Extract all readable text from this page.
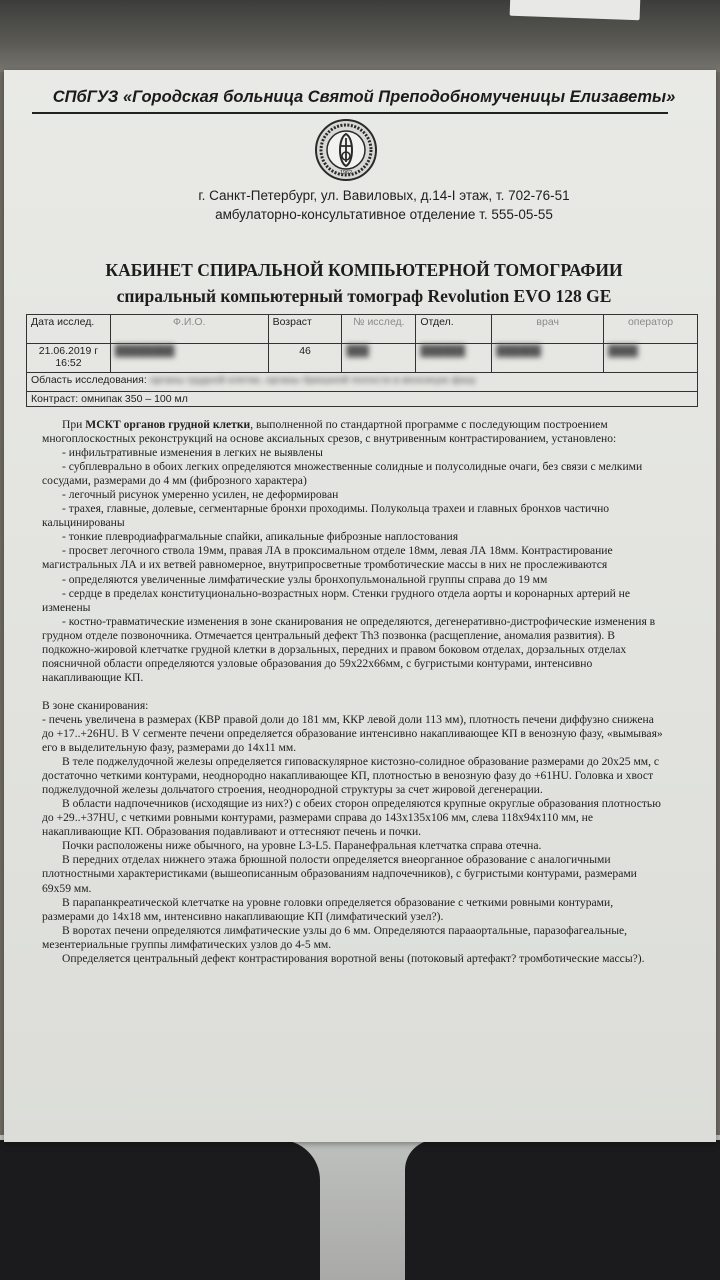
СПбГУЗ «Городская больница Святой Преподобномученицы Елизаветы»
1962
г. Санкт-Петербург, ул. Вавиловых, д.14-I этаж, т. 702-76-51
амбулаторно-консультативное отделение т. 555-05-55
КАБИНЕТ СПИРАЛЬНОЙ КОМПЬЮТЕРНОЙ ТОМОГРАФИИ
спиральный компьютерный томограф Revolution EVO 128 GE
Дата исслед.	Ф.И.О.	Возраст	№ исслед.	Отдел.	врач	оператор

21.06.2019 г
16:52	████████	46	███	██████	██████	████

Область исследования: органы грудной клетки, органы брюшной полости в венозную фазу						
Контраст: омнипак 350 – 100 мл						

При МСКТ органов грудной клетки, выполненной по стандартной программе с последующим построением многоплоскостных реконструкций на основе аксиальных срезов, с внутривенным контрастированием, установлено:

- инфильтративные изменения в легких не выявлены

- субплеврально в обоих легких определяются множественные солидные и полусолидные очаги, без связи с мелкими сосудами, размерами до 4 мм (фиброзного характера)

- легочный рисунок умеренно усилен, не деформирован

- трахея, главные, долевые, сегментарные бронхи проходимы. Полукольца трахеи и главных бронхов частично кальцинированы

- тонкие плевродиафрагмальные спайки, апикальные фиброзные наплостования

- просвет легочного ствола 19мм, правая ЛА в проксимальном отделе 18мм, левая ЛА 18мм. Контрастирование магистральных ЛА и их ветвей равномерное, внутрипросветные тромботические массы в них не прослеживаются

- определяются увеличенные лимфатические узлы бронхопульмональной группы справа до 19 мм

- сердце в пределах конституционально-возрастных норм. Стенки грудного отдела аорты и коронарных артерий не изменены

- костно-травматические изменения в зоне сканирования не определяются, дегенеративно-дистрофические изменения в грудном отделе позвоночника. Отмечается центральный дефект Th3 позвонка (расщепление, аномалия развития). В подкожно-жировой клетчатке грудной клетки в дорзальных, передних и правом боковом отделах, дорзальных отделах поясничной области определяются узловые образования до 59х22х66мм, с бугристыми контурами, интенсивно накапливающие КП.

В зоне сканирования:

- печень увеличена в размерах (КВР правой доли до 181 мм, ККР левой доли 113 мм), плотность печени диффузно снижена до +17..+26HU. В V сегменте печени определяется образование интенсивно накапливающее КП в венозную фазу, «вымывая» его в выделительную фазу, размерами до 14х11 мм.

В теле поджелудочной железы определяется гиповаскулярное кистозно-солидное образование размерами до 20х25 мм, с достаточно четкими контурами, неоднородно накапливающее КП, плотностью в венозную фазу до +61HU. Головка и хвост поджелудочной железы дольчатого строения, неоднородной структуры за счет жировой дегенерации.

В области надпочечников (исходящие из них?) с обеих сторон определяются крупные округлые образования плотностью до +29..+37HU, с четкими ровными контурами, размерами справа до 143х135х106 мм, слева 118х94х110 мм, не накапливающие КП. Образования подавливают и оттесняют печень и почки.

Почки расположены ниже обычного, на уровне L3-L5. Паранефральная клетчатка справа отечна.

В передних отделах нижнего этажа брюшной полости определяется внеорганное образование с аналогичными плотностными характеристиками (вышеописанным образованиям надпочечников), с бугристыми контурами, размерами 69х59 мм.

В парапанкреатической клетчатке на уровне головки определяется образование с четкими ровными контурами, размерами до 14х18 мм, интенсивно накапливающие КП (лимфатический узел?).

В воротах печени определяются лимфатические узлы до 6 мм. Определяются парааортальные, паразофагеальные, мезентериальные группы лимфатических узлов до 4-5 мм.

Определяется центральный дефект контрастирования воротной вены (потоковый артефакт? тромботические массы?).
